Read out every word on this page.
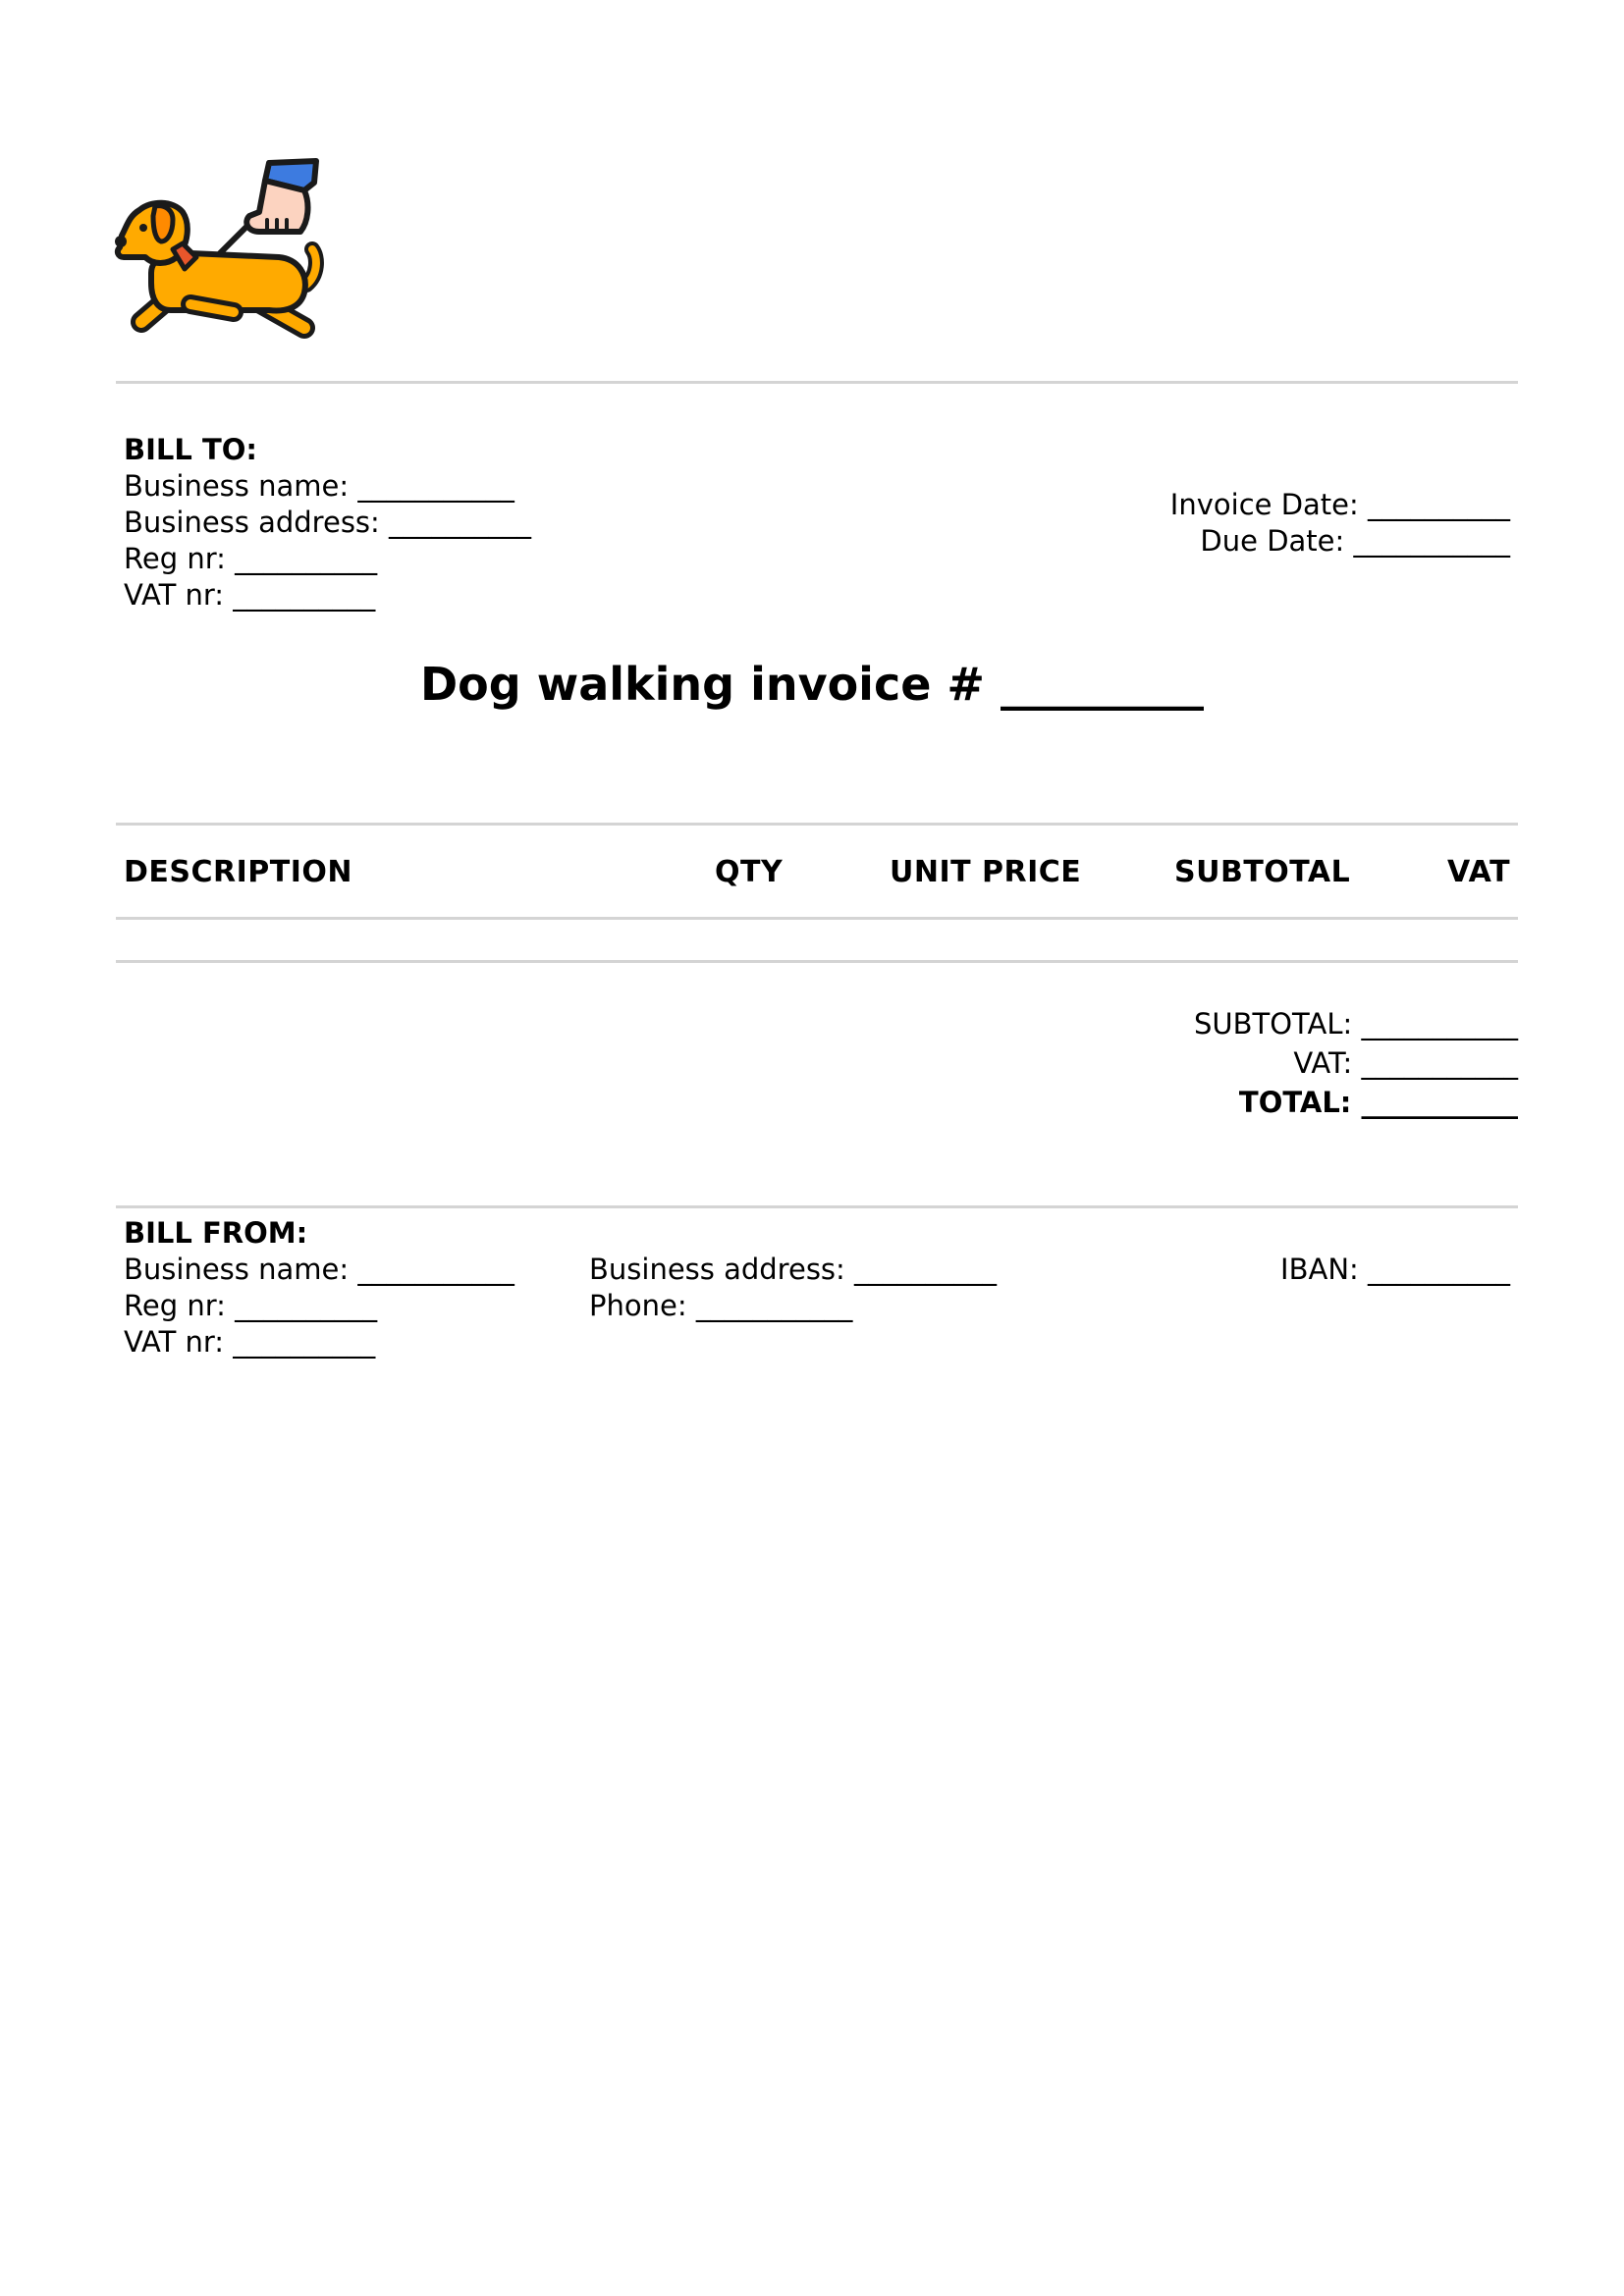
BILL TO:
Business name: ___________
Business address: __________
Reg nr: __________
VAT nr: __________
Invoice Date: __________
Due Date: ___________
Dog walking invoice # _________
DESCRIPTION	QTY	UNIT PRICE	SUBTOTAL	VAT
SUBTOTAL: ___________
VAT: ___________
TOTAL: ___________
BILL FROM:
Business name: ___________
Reg nr: __________
VAT nr: __________
Business address: __________
Phone: ___________
IBAN: __________
